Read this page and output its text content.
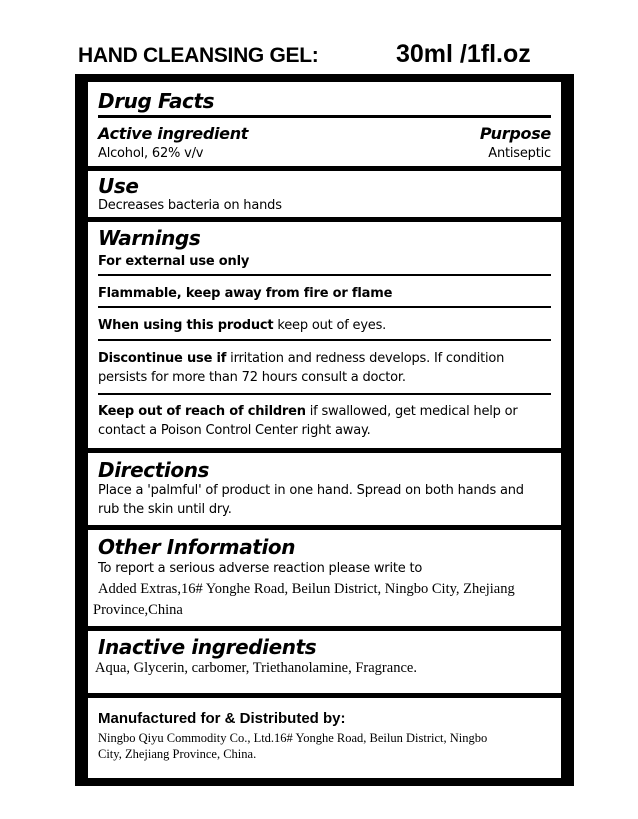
HAND CLEANSING GEL:	30ml /1fl.oz
Drug Facts
Active ingredient	Purpose
Alcohol, 62% v/v	Antiseptic
Use
Decreases bacteria on hands
Warnings
For external use only
Flammable, keep away from fire or flame
When using this product keep out of eyes.
Discontinue use if irritation and redness develops. If condition
persists for more than 72 hours consult a doctor.
Keep out of reach of children if swallowed, get medical help or
contact a Poison Control Center right away.
Directions
Place a 'palmful' of product in one hand. Spread on both hands and
rub the skin until dry.
Other Information
To report a serious adverse reaction please write to
Added Extras,16# Yonghe Road, Beilun District, Ningbo City, Zhejiang
Province,China
Inactive ingredients
Aqua, Glycerin, carbomer, Triethanolamine, Fragrance.
Manufactured for & Distributed by:
Ningbo Qiyu Commodity Co., Ltd.16# Yonghe Road, Beilun District, Ningbo
City, Zhejiang Province, China.
